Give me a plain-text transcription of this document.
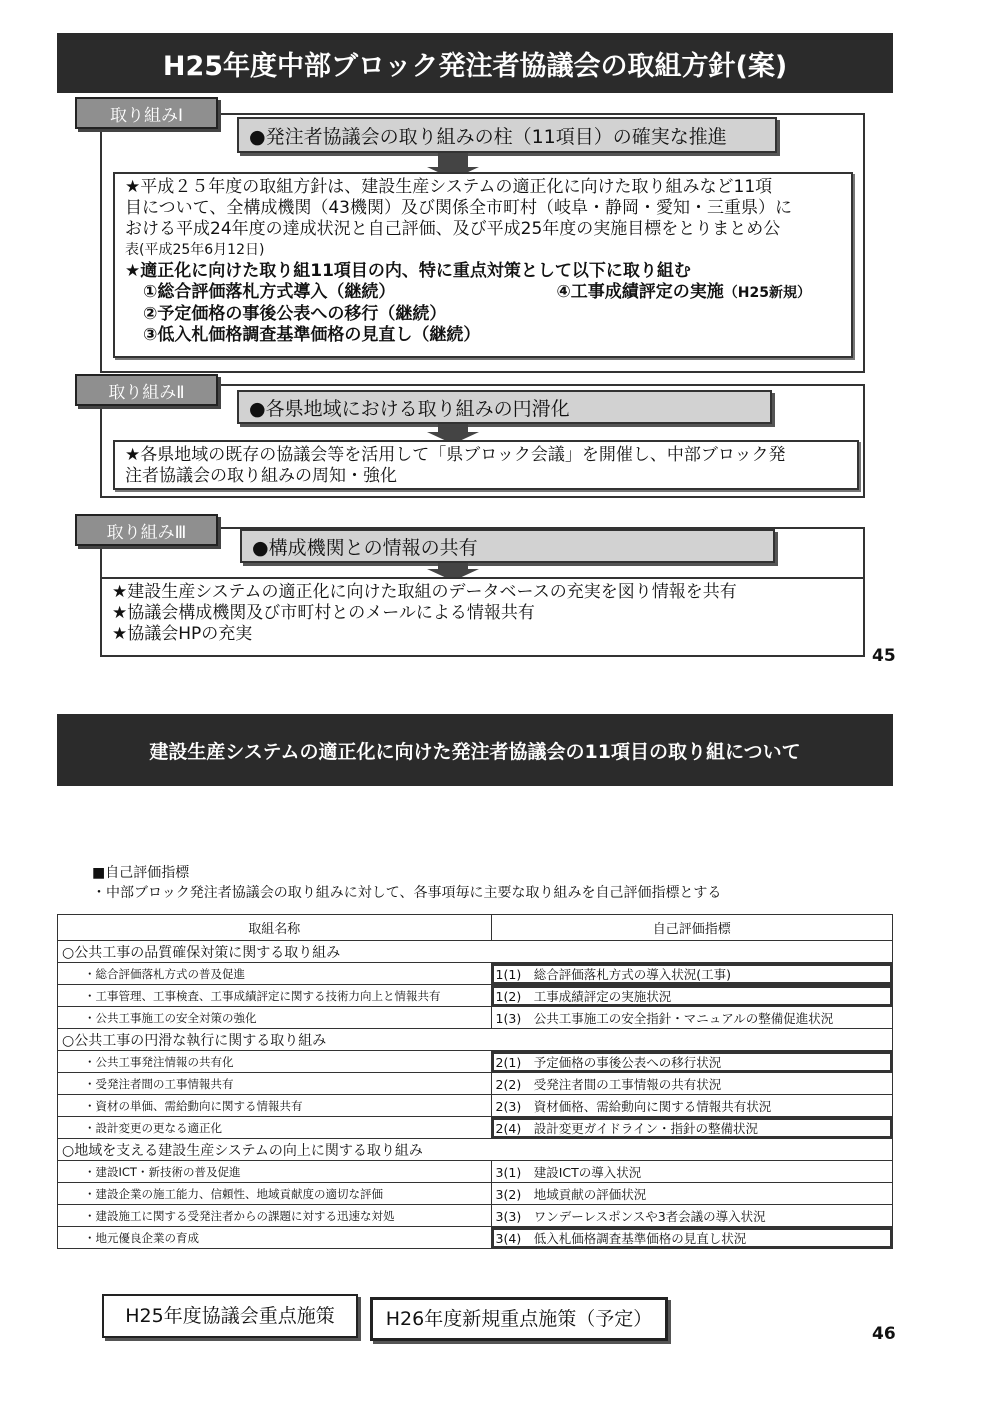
H25年度中部ブロック発注者協議会の取組方針(案)
取り組みⅠ
●発注者協議会の取り組みの柱（11項目）の確実な推進
★平成２５年度の取組方針は、建設生産システムの適正化に向けた取り組みなど11項
目について、全構成機関（43機関）及び関係全市町村（岐阜・静岡・愛知・三重県）に
おける平成24年度の達成状況と自己評価、及び平成25年度の実施目標をとりまとめ公
表(平成25年6月12日)
★適正化に向けた取り組11項目の内、特に重点対策として以下に取り組む
①総合評価落札方式導入（継続）	④工事成績評定の実施（H25新規）
②予定価格の事後公表への移行（継続）
③低入札価格調査基準価格の見直し（継続）
取り組みⅡ
●各県地域における取り組みの円滑化
★各県地域の既存の協議会等を活用して「県ブロック会議」を開催し、中部ブロック発
注者協議会の取り組みの周知・強化
取り組みⅢ
●構成機関との情報の共有
★建設生産システムの適正化に向けた取組のデータベースの充実を図り情報を共有
★協議会構成機関及び市町村とのメールによる情報共有
★協議会HPの充実
45
建設生産システムの適正化に向けた発注者協議会の11項目の取り組について
■自己評価指標
・中部ブロック発注者協議会の取り組みに対して、各事項毎に主要な取り組みを自己評価指標とする
取組名称	自己評価指標
○公共工事の品質確保対策に関する取り組み	
・総合評価落札方式の普及促進	1(1)　総合評価落札方式の導入状況(工事)
・工事管理、工事検査、工事成績評定に関する技術力向上と情報共有	1(2)　工事成績評定の実施状況
・公共工事施工の安全対策の強化	1(3)　公共工事施工の安全指針・マニュアルの整備促進状況
○公共工事の円滑な執行に関する取り組み	
・公共工事発注情報の共有化	2(1)　予定価格の事後公表への移行状況
・受発注者間の工事情報共有	2(2)　受発注者間の工事情報の共有状況
・資材の単価、需給動向に関する情報共有	2(3)　資材価格、需給動向に関する情報共有状況
・設計変更の更なる適正化	2(4)　設計変更ガイドライン・指針の整備状況
○地域を支える建設生産システムの向上に関する取り組み	
・建設ICT・新技術の普及促進	3(1)　建設ICTの導入状況
・建設企業の施工能力、信頼性、地域貢献度の適切な評価	3(2)　地域貢献の評価状況
・建設施工に関する受発注者からの課題に対する迅速な対処	3(3)　ワンデーレスポンスや3者会議の導入状況
・地元優良企業の育成	3(4)　低入札価格調査基準価格の見直し状況
H25年度協議会重点施策	H26年度新規重点施策（予定）
46
